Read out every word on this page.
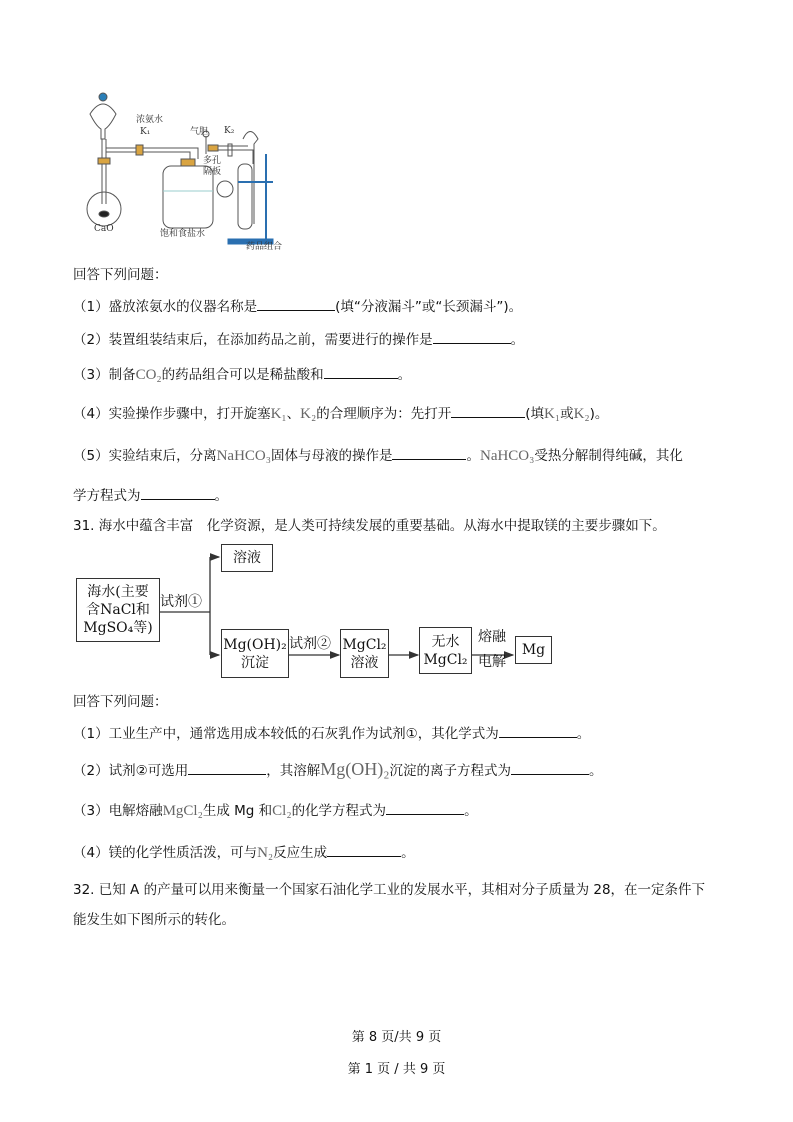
浓氨水
K₁	气胆 K₂
多孔隔板
CaO	饱和食盐水
药品组合
回答下列问题：
（1）盛放浓氨水的仪器名称是	(填“分液漏斗”或“长颈漏斗”)。
（2）装置组装结束后，在添加药品之前，需要进行的操作是	。
（3）制备CO₂的药品组合可以是稀盐酸和	。
（4）实验操作步骤中，打开旋塞K₁、K₂的合理顺序为：先打开	(填K₁或K₂)。
（5）实验结束后，分离NaHCO₃固体与母液的操作是	。NaHCO₃受热分解制得纯碱，其化
学方程式为	。
31. 海水中蕴含丰富　化学资源，是人类可持续发展的重要基础。从海水中提取镁的主要步骤如下。
海水(主要
含NaCl和
MgSO₄等)
试剂①
溶液
Mg(OH)₂
沉淀
试剂② MgCl₂
溶液
无水
MgCl₂
熔融
电解
Mg
回答下列问题：
（1）工业生产中，通常选用成本较低的石灰乳作为试剂①，其化学式为	。
（2）试剂②可选用	，其溶解Mg(OH)₂沉淀的离子方程式为	。
（3）电解熔融MgCl₂生成 Mg 和Cl₂的化学方程式为	。
（4）镁的化学性质活泼，可与N₂反应生成	。
32. 已知 A 的产量可以用来衡量一个国家石油化学工业的发展水平，其相对分子质量为 28，在一定条件下
能发生如下图所示的转化。
第 8 页/共 9 页
第 1 页 / 共 9 页
